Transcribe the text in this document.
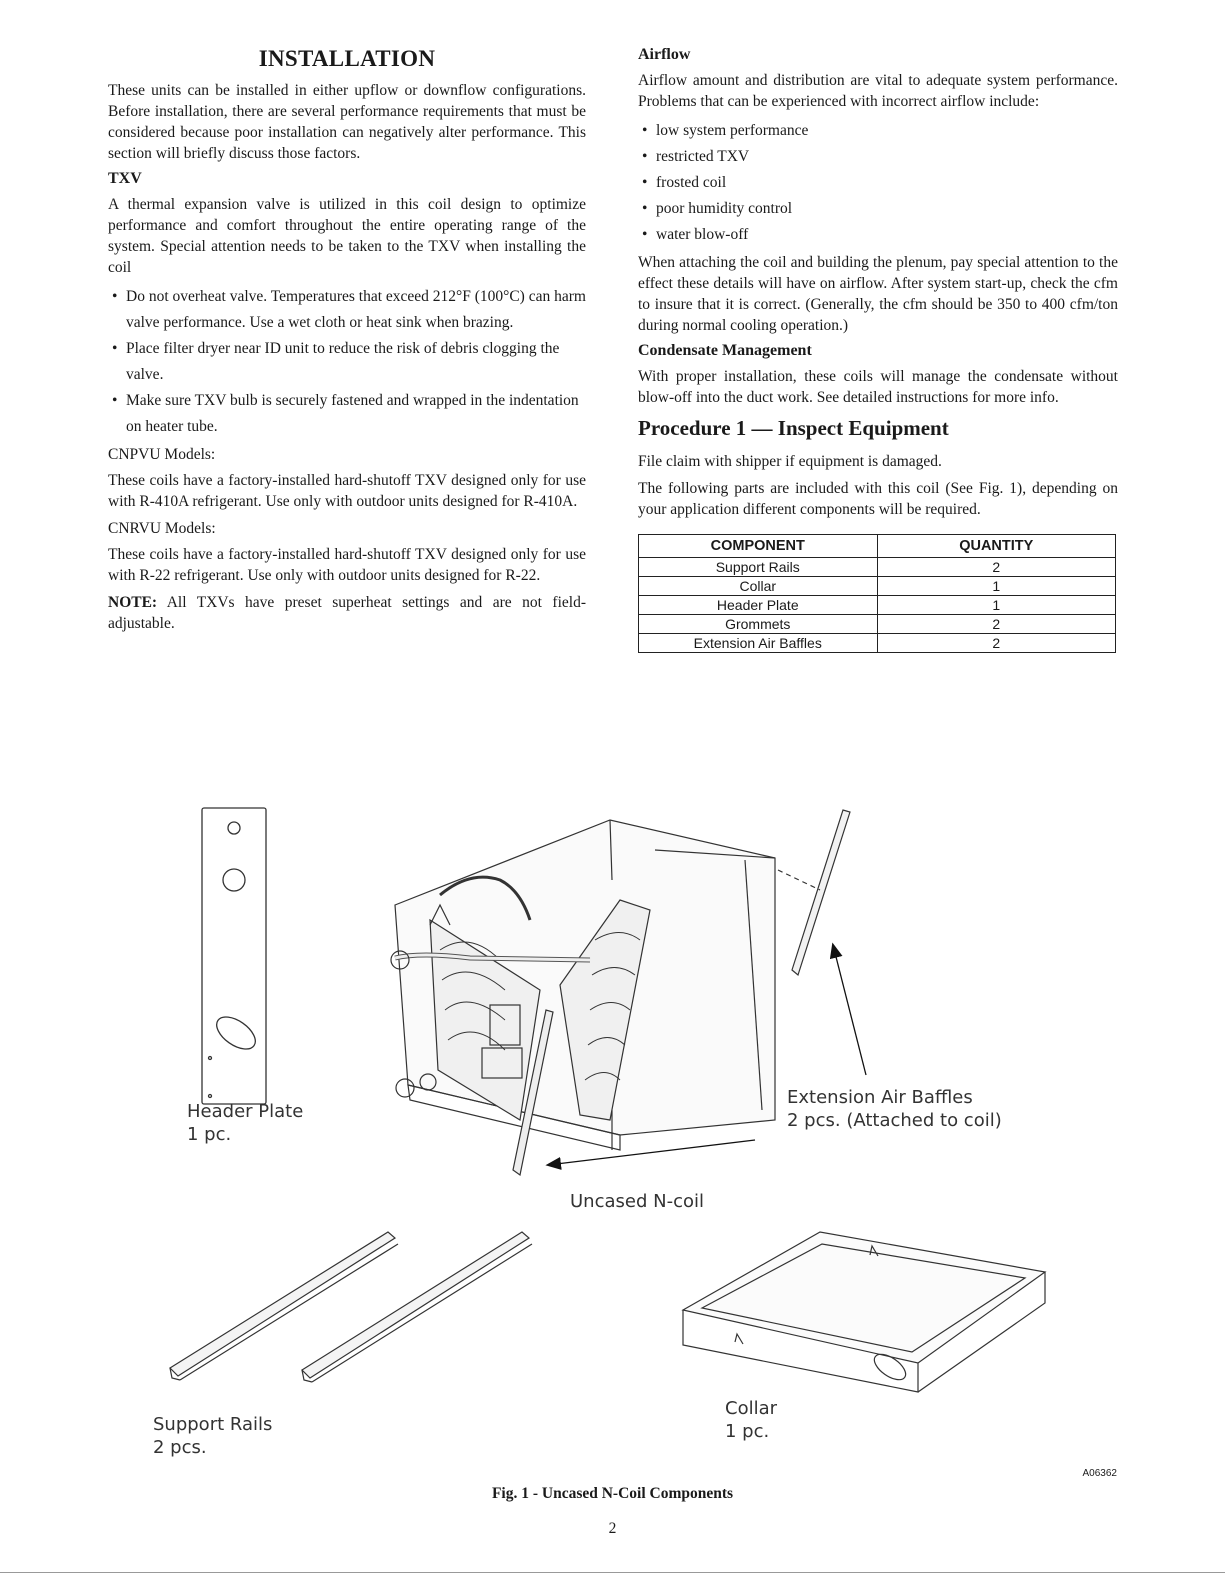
INSTALLATION

These units can be installed in either upflow or downflow configurations. Before installation, there are several performance requirements that must be considered because poor installation can negatively alter performance. This section will briefly discuss those factors.

TXV

A thermal expansion valve is utilized in this coil design to optimize performance and comfort throughout the entire operating range of the system. Special attention needs to be taken to the TXV when installing the coil

• Do not overheat valve. Temperatures that exceed 212°F (100°C) can harm valve performance. Use a wet cloth or heat sink when brazing.
• Place filter dryer near ID unit to reduce the risk of debris clogging the valve.
• Make sure TXV bulb is securely fastened and wrapped in the indentation on heater tube.
CNPVU Models:

These coils have a factory-installed hard-shutoff TXV designed only for use with R-410A refrigerant. Use only with outdoor units designed for R-410A.

CNRVU Models:

These coils have a factory-installed hard-shutoff TXV designed only for use with R-22 refrigerant. Use only with outdoor units designed for R-22.

NOTE: All TXVs have preset superheat settings and are not field-adjustable.

Airflow

Airflow amount and distribution are vital to adequate system performance. Problems that can be experienced with incorrect airflow include:

• low system performance
• restricted TXV
• frosted coil
• poor humidity control
• water blow-off

When attaching the coil and building the plenum, pay special attention to the effect these details will have on airflow. After system start-up, check the cfm to insure that it is correct. (Generally, the cfm should be 350 to 400 cfm/ton during normal cooling operation.)

Condensate Management

With proper installation, these coils will manage the condensate without blow-off into the duct work. See detailed instructions for more info.

Procedure 1 — Inspect Equipment

File claim with shipper if equipment is damaged.

The following parts are included with this coil (See Fig. 1), depending on your application different components will be required.

COMPONENT	QUANTITY
Support Rails	2
Collar	1
Header Plate	1
Grommets	2
Extension Air Baffles	2
Header Plate
1 pc.
Extension Air Baffles
2 pcs. (Attached to coil)
Uncased N-coil
Support Rails
2 pcs.
Collar
1 pc.
A06362
Fig. 1 - Uncased N-Coil Components
2
